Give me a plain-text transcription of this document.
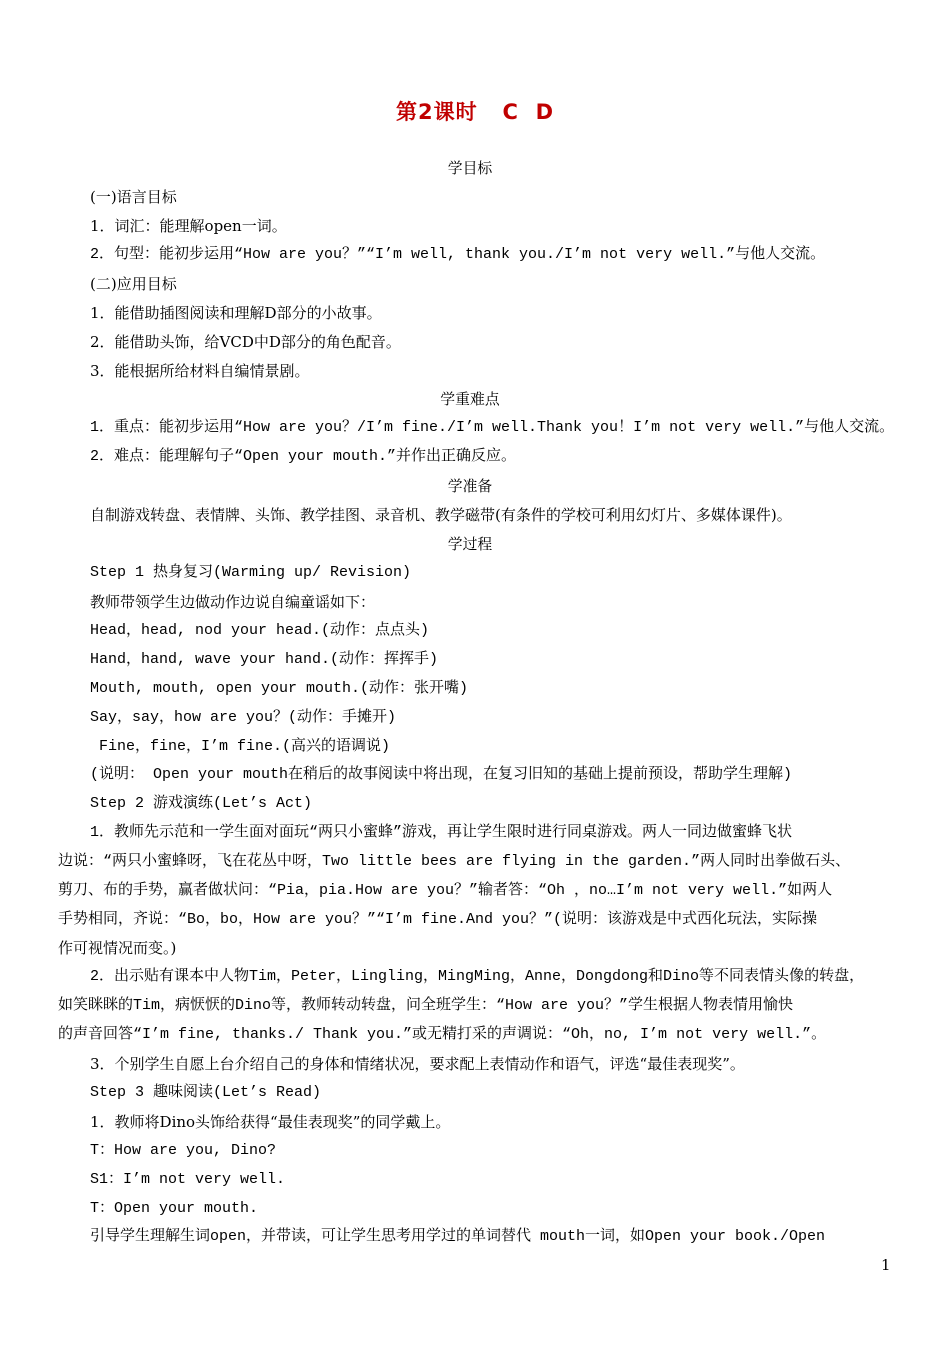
第2课时   C  D
学目标
(一)语言目标
1．词汇：能理解open一词。
2．句型：能初步运用“How are you？”“I’m well, thank you./I’m not very well.”与他人交流。
(二)应用目标
1．能借助插图阅读和理解D部分的小故事。
2．能借助头饰，给VCD中D部分的角色配音。
3．能根据所给材料自编情景剧。
学重难点
1．重点：能初步运用“How are you？/I’m fine./I’m well.Thank you！I’m not very well.”与他人交流。
2．难点：能理解句子“Open your mouth.”并作出正确反应。
学准备
自制游戏转盘、表情牌、头饰、教学挂图、录音机、教学磁带(有条件的学校可利用幻灯片、多媒体课件)。
学过程
Step 1 热身复习(Warming up/ Revision)
教师带领学生边做动作边说自编童谣如下：
Head，head, nod your head.(动作：点点头)
Hand，hand, wave your hand.(动作：挥挥手)
Mouth, mouth, open your mouth.(动作：张开嘴)
Say，say，how are you？(动作：手摊开)
Fine，fine，I’m fine.(高兴的语调说)
(说明： Open your mouth在稍后的故事阅读中将出现，在复习旧知的基础上提前预设，帮助学生理解)
Step 2 游戏演练(Let’s Act)
1．教师先示范和一学生面对面玩“两只小蜜蜂”游戏，再让学生限时进行同桌游戏。两人一同边做蜜蜂飞状
边说：“两只小蜜蜂呀，飞在花丛中呀，Two little bees are flying in the garden.”两人同时出拳做石头、
剪刀、布的手势，赢者做状问：“Pia，pia.How are you？”输者答：“Oh ，no…I’m not very well.”如两人
手势相同，齐说：“Bo，bo，How are you？”“I’m fine.And you？”(说明：该游戏是中式西化玩法，实际操
作可视情况而变。)
2．出示贴有课本中人物Tim，Peter，Lingling，MingMing，Anne，Dongdong和Dino等不同表情头像的转盘，
如笑眯眯的Tim，病恹恹的Dino等，教师转动转盘，问全班学生：“How are you？”学生根据人物表情用愉快
的声音回答“I’m fine, thanks./ Thank you.”或无精打采的声调说：“Oh，no, I’m not very well.”。
3．个别学生自愿上台介绍自己的身体和情绪状况，要求配上表情动作和语气，评选“最佳表现奖”。
Step 3 趣味阅读(Let’s Read)
1．教师将Dino头饰给获得“最佳表现奖”的同学戴上。
T：How are you, Dino?
S1：I’m not very well.
T：Open your mouth.
引导学生理解生词open，并带读，可让学生思考用学过的单词替代 mouth一词，如Open your book./Open
1
